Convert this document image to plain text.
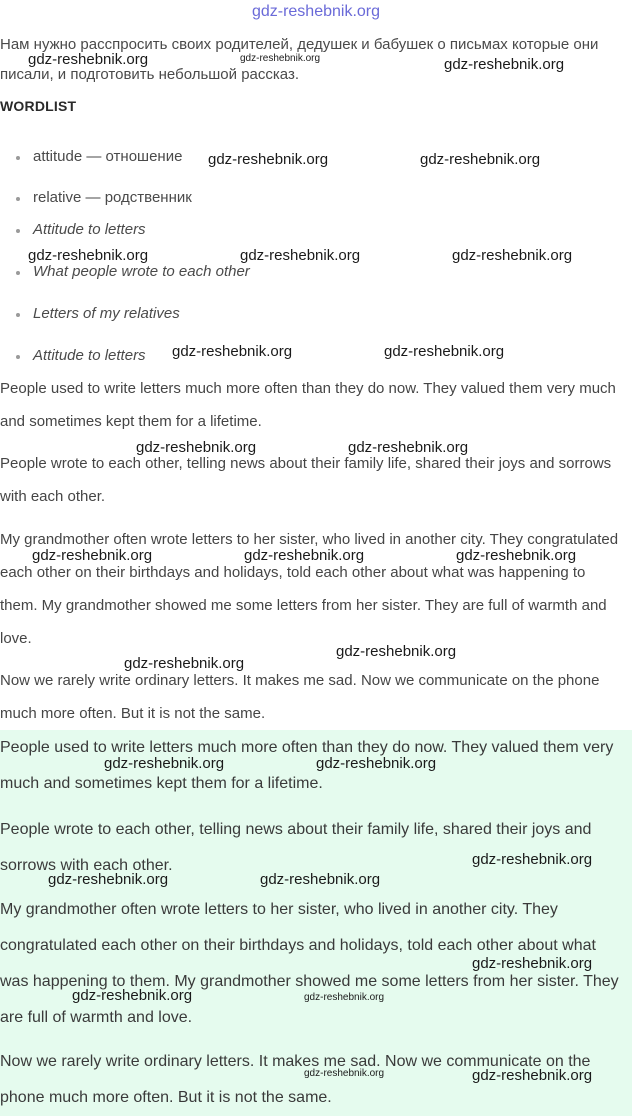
gdz-reshebnik.org

Нам нужно расспросить своих родителей, дедушек и бабушек о письмах которые они писали, и подготовить небольшой рассказ.

WORDLIST
attitude — отношение
relative — родственник
Attitude to letters
What people wrote to each other
Letters of my relatives
Attitude to letters

People used to write letters much more often than they do now. They valued them very much and sometimes kept them for a lifetime.

People wrote to each other, telling news about their family life, shared their joys and sorrows with each other.

My grandmother often wrote letters to her sister, who lived in another city. They congratulated each other on their birthdays and holidays, told each other about what was happening to them. My grandmother showed me some letters from her sister. They are full of warmth and love.

Now we rarely write ordinary letters. It makes me sad. Now we communicate on the phone much more often. But it is not the same.

People used to write letters much more often than they do now. They valued them very much and sometimes kept them for a lifetime.

People wrote to each other, telling news about their family life, shared their joys and sorrows with each other.

My grandmother often wrote letters to her sister, who lived in another city. They congratulated each other on their birthdays and holidays, told each other about what was happening to them. My grandmother showed me some letters from her sister. They are full of warmth and love.

Now we rarely write ordinary letters. It makes me sad. Now we communicate on the phone much more often. But it is not the same.

gdz-reshebnik.org	gdz-reshebnik.org	gdz-reshebnik.org
gdz-reshebnik.org	gdz-reshebnik.org
gdz-reshebnik.org	gdz-reshebnik.org	gdz-reshebnik.org
gdz-reshebnik.org	gdz-reshebnik.org
gdz-reshebnik.org	gdz-reshebnik.org
gdz-reshebnik.org	gdz-reshebnik.org	gdz-reshebnik.org
gdz-reshebnik.org
gdz-reshebnik.org
gdz-reshebnik.org	gdz-reshebnik.org
gdz-reshebnik.org
gdz-reshebnik.org	gdz-reshebnik.org
gdz-reshebnik.org
gdz-reshebnik.org	gdz-reshebnik.org
gdz-reshebnik.org	gdz-reshebnik.org
